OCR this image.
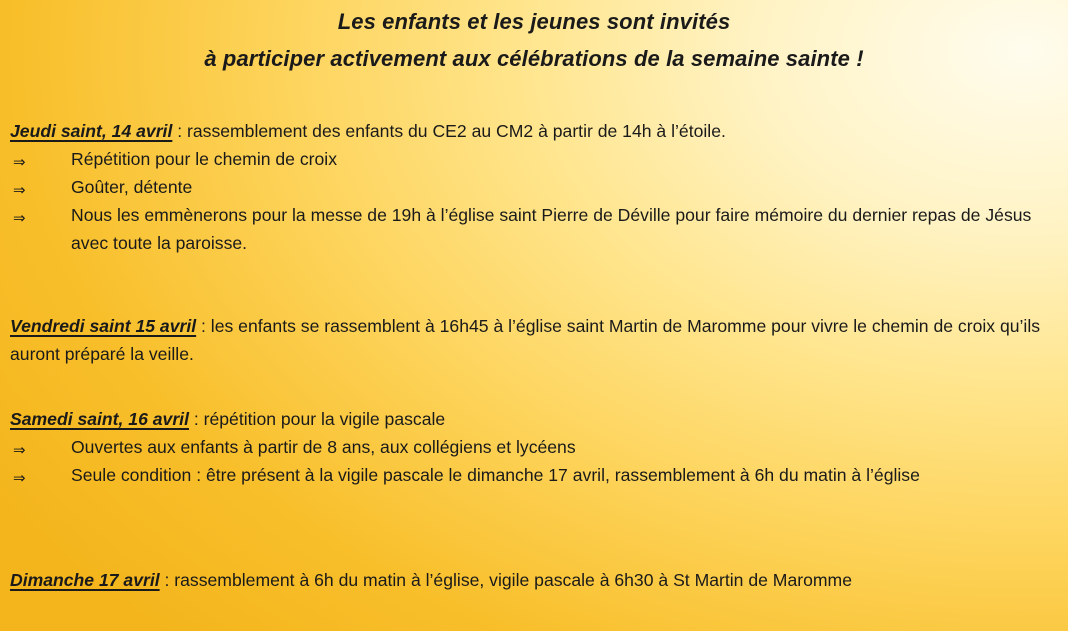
Les enfants et les jeunes sont invités
à participer activement aux célébrations de la semaine sainte !
Jeudi saint, 14 avril : rassemblement des enfants du CE2 au CM2 à partir de 14h à l’étoile.
⇒	Répétition pour le chemin de croix
⇒	Goûter, détente
⇒	Nous les emmènerons pour la messe de 19h à l’église saint Pierre de Déville pour faire mémoire du dernier repas de Jésus avec toute la paroisse.
Vendredi saint 15 avril : les enfants se rassemblent à 16h45 à l’église saint Martin de Maromme pour vivre le chemin de croix qu’ils auront préparé la veille.
Samedi saint, 16 avril : répétition pour la vigile pascale
⇒	Ouvertes aux enfants à partir de 8 ans, aux collégiens et lycéens
⇒	Seule condition : être présent à la vigile pascale le dimanche 17 avril, rassemblement à 6h du matin à l’église
Dimanche 17 avril : rassemblement à 6h du matin à l’église, vigile pascale à 6h30 à St Martin de Maromme
